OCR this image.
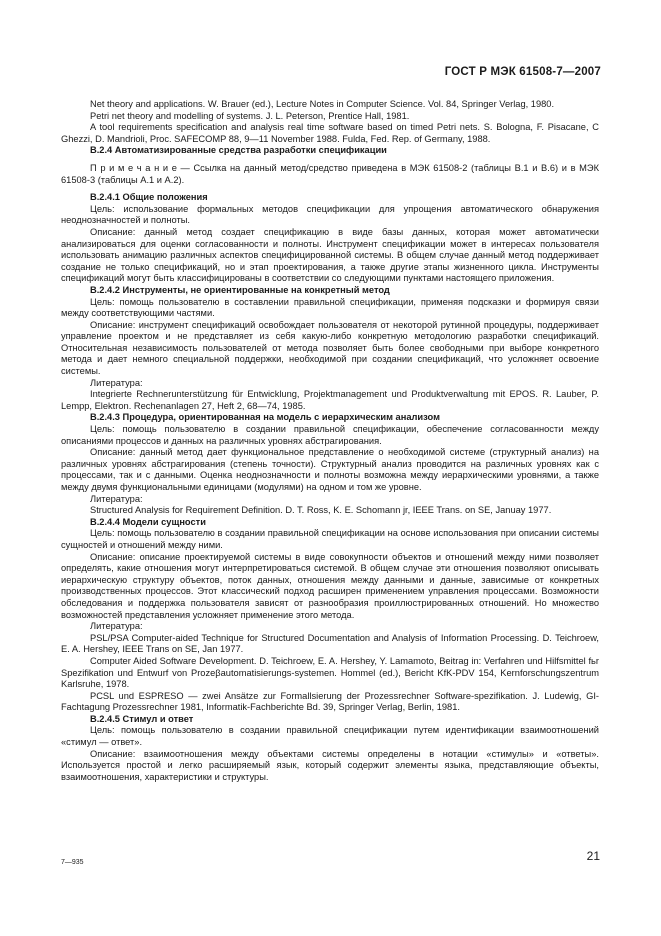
ГОСТ Р МЭК 61508-7—2007

Net theory and applications. W. Brauer (ed.), Lecture Notes in Computer Science. Vol. 84, Springer Verlag, 1980.

Petri net theory and modelling of systems. J. L. Peterson, Prentice Hall, 1981.

A tool requirements specification and analysis real time software based on timed Petri nets. S. Bologna, F. Pisacane, C Ghezzi, D. Mandrioli, Proc. SAFECOMP 88, 9—11 November 1988. Fulda, Fed. Rep. of Germany, 1988.

В.2.4 Автоматизированные средства разработки спецификации

П р и м е ч а н и е — Ссылка на данный метод/средство приведена в МЭК 61508-2 (таблицы В.1 и В.6) и в МЭК 61508-3 (таблицы А.1 и А.2).

В.2.4.1 Общие положения

Цель: использование формальных методов спецификации для упрощения автоматического обнаружения неоднозначностей и полноты.

Описание: данный метод создает спецификацию в виде базы данных, которая может автоматически анализироваться для оценки согласованности и полноты. Инструмент спецификации может в интересах пользователя использовать анимацию различных аспектов специфицированной системы. В общем случае данный метод поддерживает создание не только спецификаций, но и этап проектирования, а также другие этапы жизненного цикла. Инструменты спецификаций могут быть классифицированы в соответствии со следующими пунктами настоящего приложения.

В.2.4.2 Инструменты, не ориентированные на конкретный метод

Цель: помощь пользователю в составлении правильной спецификации, применяя подсказки и формируя связи между соответствующими частями.

Описание: инструмент спецификаций освобождает пользователя от некоторой рутинной процедуры, поддерживает управление проектом и не представляет из себя какую-либо конкретную методологию разработки спецификаций. Относительная независимость пользователей от метода позволяет быть более свободными при выборе конкретного метода и дает немного специальной поддержки, необходимой при создании спецификаций, что усложняет освоение системы.

Литература:

Integrierte Rechnerunterstützung für Entwicklung, Projektmanagement und Produktverwaltung mit EPOS. R. Lauber, P. Lempp, Elektron. Rechenanlagen 27, Heft 2, 68—74, 1985.

В.2.4.3 Процедура, ориентированная на модель с иерархическим анализом

Цель: помощь пользователю в создании правильной спецификации, обеспечение согласованности между описаниями процессов и данных на различных уровнях абстрагирования.

Описание: данный метод дает функциональное представление о необходимой системе (структурный анализ) на различных уровнях абстрагирования (степень точности). Структурный анализ проводится на различных уровнях как с процессами, так и с данными. Оценка неоднозначности и полноты возможна между иерархическими уровнями, а также между двумя функциональными единицами (модулями) на одном и том же уровне.

Литература:

Structured Analysis for Requirement Definition. D. T. Ross, K. E. Schomann jr, IEEE Trans. on SE, Januay 1977.

В.2.4.4 Модели сущности

Цель: помощь пользователю в создании правильной спецификации на основе использования при описании системы сущностей и отношений между ними.

Описание: описание проектируемой системы в виде совокупности объектов и отношений между ними позволяет определять, какие отношения могут интерпретироваться системой. В общем случае эти отношения позволяют описывать иерархическую структуру объектов, поток данных, отношения между данными и данные, зависимые от конкретных производственных процессов. Этот классический подход расширен применением управления процессами. Возможности обследования и поддержка пользователя зависят от разнообразия проиллюстрированных отношений. Но множество возможностей представления усложняет применение этого метода.

Литература:

PSL/PSA Computer-aided Technique for Structured Documentation and Analysis of Information Processing. D. Teichroew, E. A. Hershey, IEEE Trans on SE, Jan 1977.

Computer Aided Software Development. D. Teichroew, E. A. Hershey, Y. Lamamoto, Beitrag in: Verfahren und Hilfsmittel fьr Spezifikation und Entwurf von Prozeβautomatisierungs-systemen. Hommel (ed.), Bericht KfK-PDV 154, Kernforschungszentrum Karlsruhe, 1978.

PCSL und ESPRESO — zwei Ansätze zur Formallsierung der Prozessrechner Software-spezifikation. J. Ludewig, GI-Fachtagung Prozessrechner 1981, Informatik-Fachberichte Bd. 39, Springer Verlag, Berlin, 1981.

В.2.4.5 Стимул и ответ

Цель: помощь пользователю в создании правильной спецификации путем идентификации взаимоотношений «стимул — ответ».

Описание: взаимоотношения между объектами системы определены в нотации «стимулы» и «ответы». Используется простой и легко расширяемый язык, который содержит элементы языка, представляющие объекты, взаимоотношения, характеристики и структуры.

7—935	21
